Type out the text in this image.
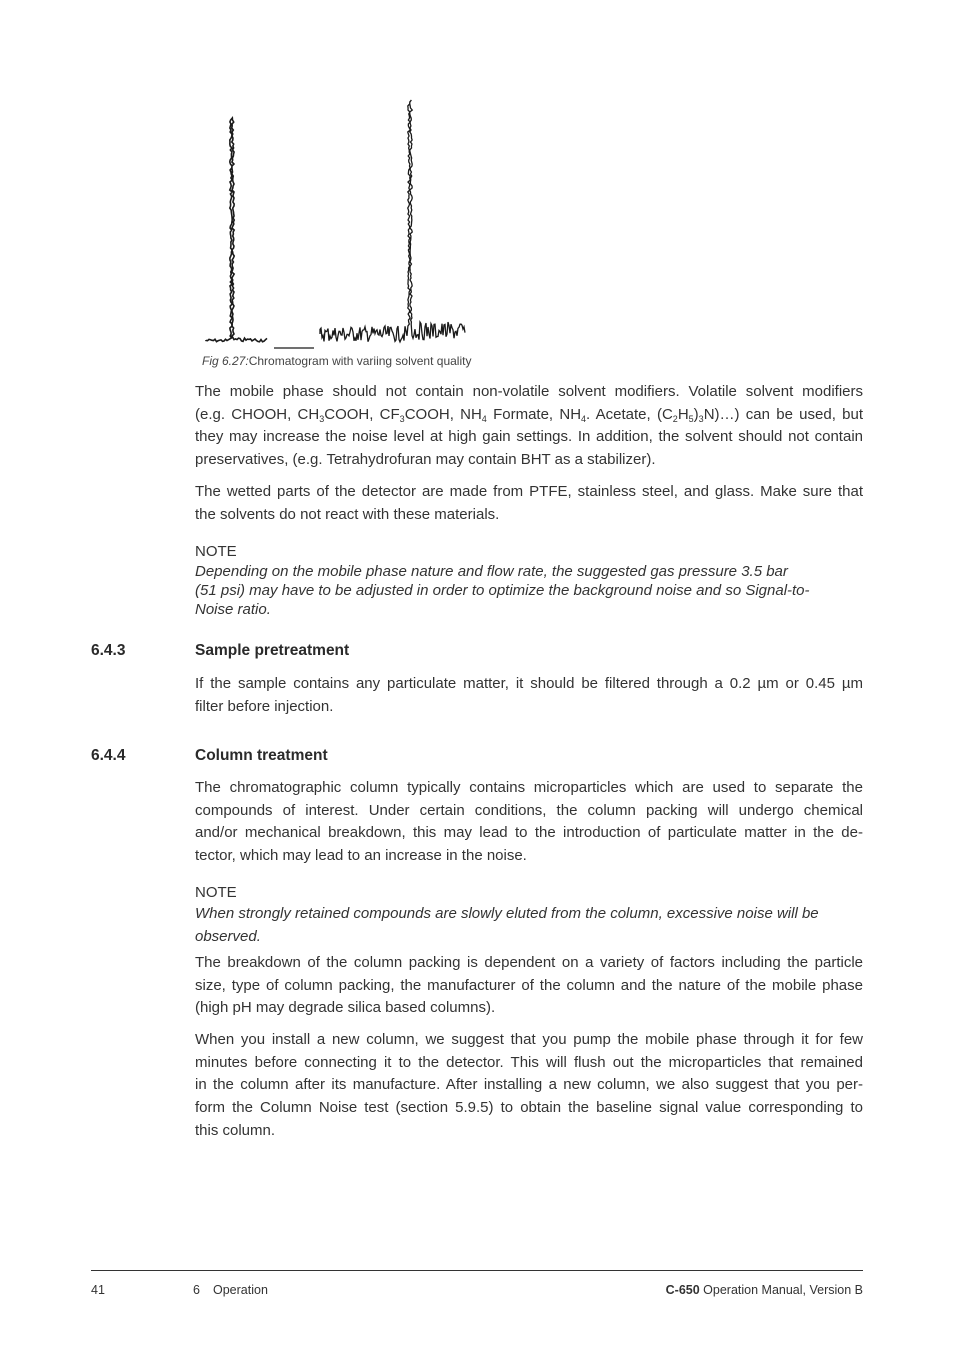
Fig 6.27:Chromatogram with variing solvent quality
The mobile phase should not contain non-volatile solvent modifiers. Volatile solvent modifiers
(e.g. CHOOH, $CH_3COOH$, $CF_3COOH$, $NH_4$ Formate, $NH_4$. Acetate, $(C_2H_5)_3N)\dots$) can be used, but
they may increase the noise level at high gain settings. In addition, the solvent should not contain
preservatives, (e.g. Tetrahydrofuran may contain BHT as a stabilizer).
The wetted parts of the detector are made from PTFE, stainless steel, and glass. Make sure that
the solvents do not react with these materials.
NOTE
Depending on the mobile phase nature and flow rate, the suggested gas pressure 3.5 bar
(51 psi) may have to be adjusted in order to optimize the background noise and so Signal-to-
Noise ratio.
6.4.3	Sample pretreatment
If the sample contains any particulate matter, it should be filtered through a 0.2 µm or 0.45 µm
filter before injection.
6.4.4	Column treatment
The chromatographic column typically contains microparticles which are used to separate the
compounds of interest. Under certain conditions, the column packing will undergo chemical
and/or mechanical breakdown, this may lead to the introduction of particulate matter in the de-
tector, which may lead to an increase in the noise.
NOTE
When strongly retained compounds are slowly eluted from the column, excessive noise will be
observed.
The breakdown of the column packing is dependent on a variety of factors including the particle
size, type of column packing, the manufacturer of the column and the nature of the mobile phase
(high pH may degrade silica based columns).
When you install a new column, we suggest that you pump the mobile phase through it for few
minutes before connecting it to the detector. This will flush out the microparticles that remained
in the column after its manufacture. After installing a new column, we also suggest that you per-
form the Column Noise test (section 5.9.5) to obtain the baseline signal value corresponding to
this column.
41	6 Operation	C-650 Operation Manual, Version B
